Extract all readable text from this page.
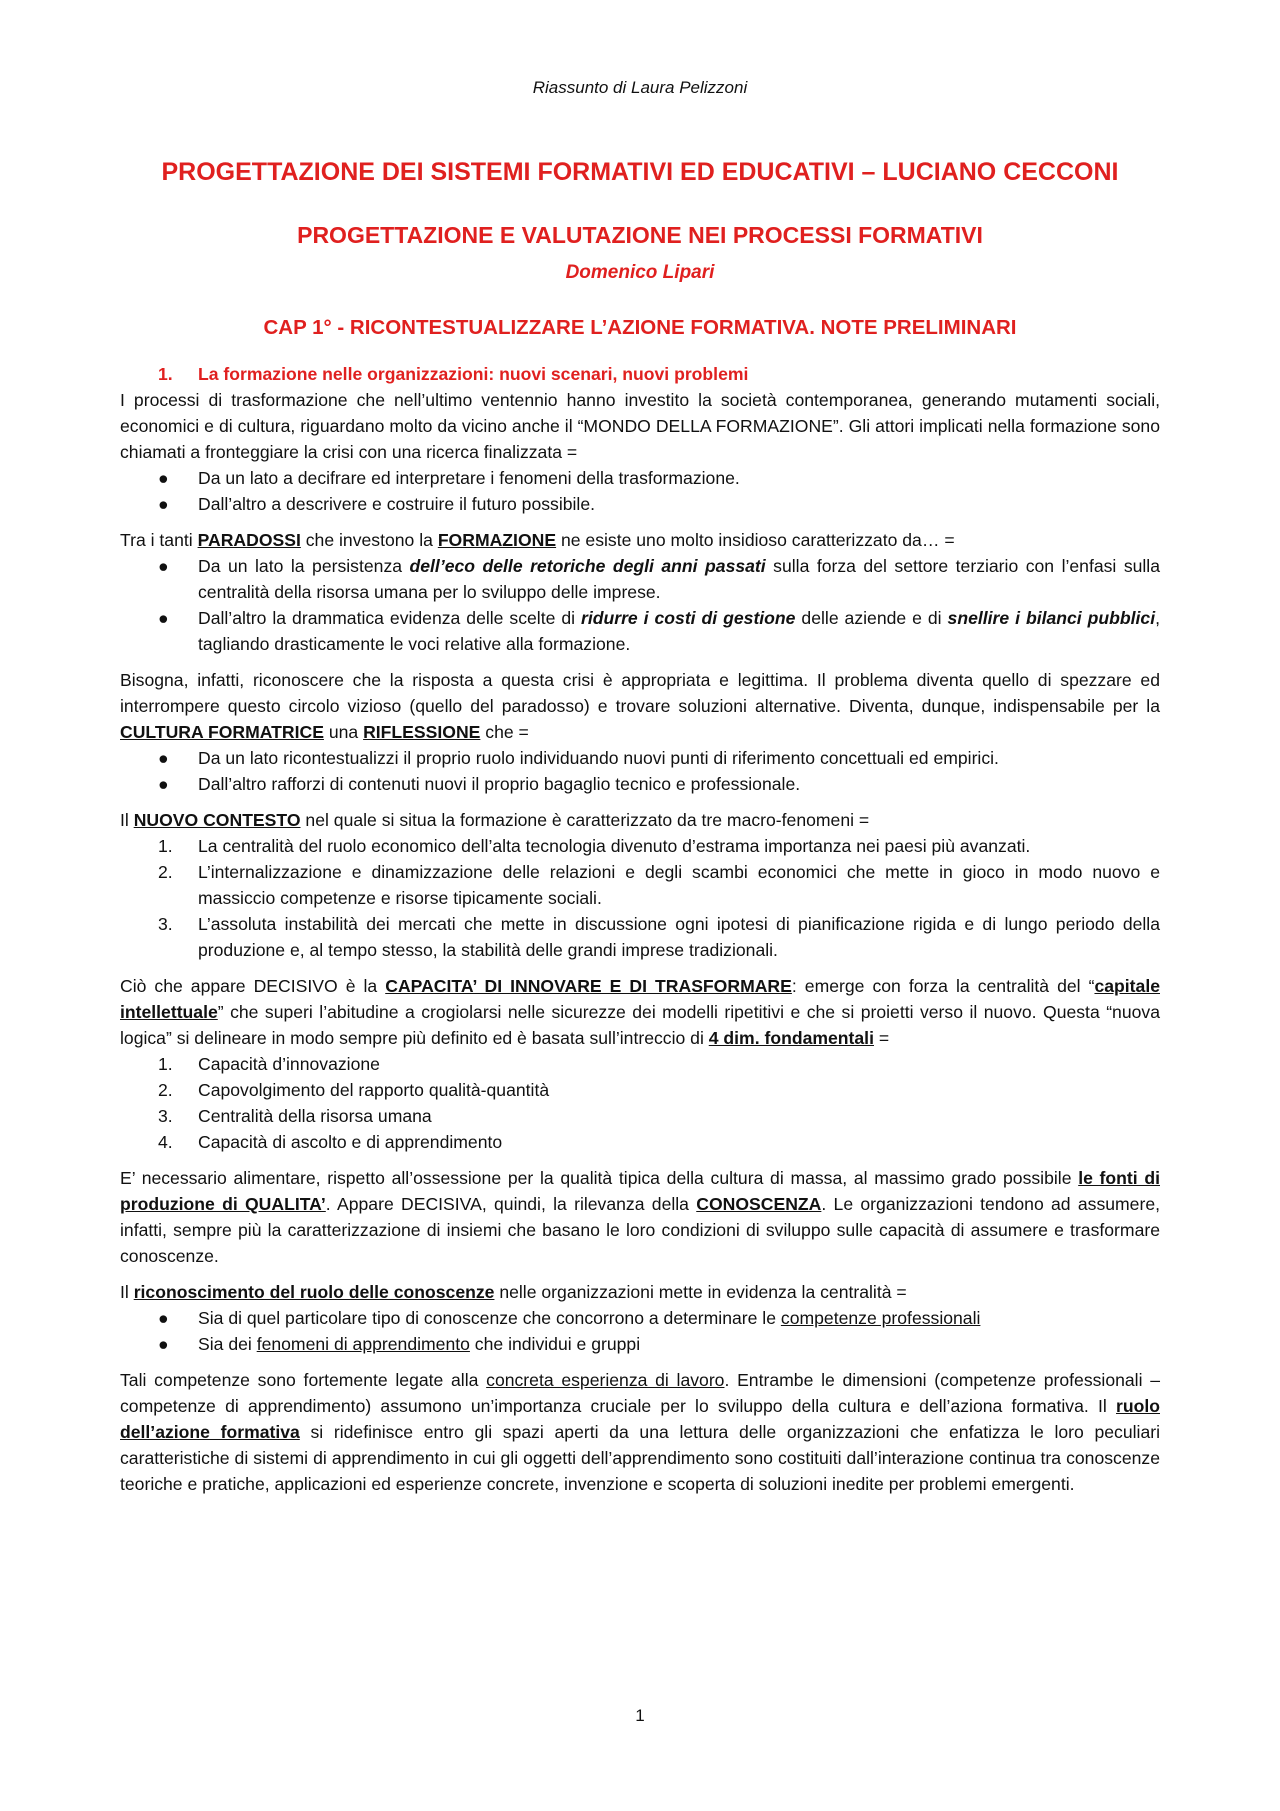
Riassunto di Laura Pelizzoni
PROGETTAZIONE DEI SISTEMI FORMATIVI ED EDUCATIVI – LUCIANO CECCONI
PROGETTAZIONE E VALUTAZIONE NEI PROCESSI FORMATIVI
Domenico Lipari
CAP 1° - RICONTESTUALIZZARE L’AZIONE FORMATIVA. NOTE PRELIMINARI
1. La formazione nelle organizzazioni: nuovi scenari, nuovi problemi

I processi di trasformazione che nell’ultimo ventennio hanno investito la società contemporanea, generando mutamenti sociali, economici e di cultura, riguardano molto da vicino anche il “MONDO DELLA FORMAZIONE”. Gli attori implicati nella formazione sono chiamati a fronteggiare la crisi con una ricerca finalizzata =

●	Da un lato a decifrare ed interpretare i fenomeni della trasformazione.
●	Dall’altro a descrivere e costruire il futuro possibile.

Tra i tanti PARADOSSI che investono la FORMAZIONE ne esiste uno molto insidioso caratterizzato da… =

●	Da un lato la persistenza dell’eco delle retoriche degli anni passati sulla forza del settore terziario con l’enfasi sulla centralità della risorsa umana per lo sviluppo delle imprese.
●	Dall’altro la drammatica evidenza delle scelte di ridurre i costi di gestione delle aziende e di snellire i bilanci pubblici, tagliando drasticamente le voci relative alla formazione.

Bisogna, infatti, riconoscere che la risposta a questa crisi è appropriata e legittima. Il problema diventa quello di spezzare ed interrompere questo circolo vizioso (quello del paradosso) e trovare soluzioni alternative. Diventa, dunque, indispensabile per la CULTURA FORMATRICE una RIFLESSIONE che =

●	Da un lato ricontestualizzi il proprio ruolo individuando nuovi punti di riferimento concettuali ed empirici.
●	Dall’altro rafforzi di contenuti nuovi il proprio bagaglio tecnico e professionale.

Il NUOVO CONTESTO nel quale si situa la formazione è caratterizzato da tre macro-fenomeni =

1.	La centralità del ruolo economico dell’alta tecnologia divenuto d’estrama importanza nei paesi più avanzati.
2.	L’internalizzazione e dinamizzazione delle relazioni e degli scambi economici che mette in gioco in modo nuovo e massiccio competenze e risorse tipicamente sociali.
3.	L’assoluta instabilità dei mercati che mette in discussione ogni ipotesi di pianificazione rigida e di lungo periodo della produzione e, al tempo stesso, la stabilità delle grandi imprese tradizionali.

Ciò che appare DECISIVO è la CAPACITA’ DI INNOVARE E DI TRASFORMARE: emerge con forza la centralità del “capitale intellettuale” che superi l’abitudine a crogiolarsi nelle sicurezze dei modelli ripetitivi e che si proietti verso il nuovo. Questa “nuova logica” si delineare in modo sempre più definito ed è basata sull’intreccio di 4 dim. fondamentali =

1.	Capacità d’innovazione
2.	Capovolgimento del rapporto qualità-quantità
3.	Centralità della risorsa umana
4.	Capacità di ascolto e di apprendimento

E’ necessario alimentare, rispetto all’ossessione per la qualità tipica della cultura di massa, al massimo grado possibile le fonti di produzione di QUALITA’. Appare DECISIVA, quindi, la rilevanza della CONOSCENZA. Le organizzazioni tendono ad assumere, infatti, sempre più la caratterizzazione di insiemi che basano le loro condizioni di sviluppo sulle capacità di assumere e trasformare conoscenze.

Il riconoscimento del ruolo delle conoscenze nelle organizzazioni mette in evidenza la centralità =

●	Sia di quel particolare tipo di conoscenze che concorrono a determinare le competenze professionali
●	Sia dei fenomeni di apprendimento che individui e gruppi

Tali competenze sono fortemente legate alla concreta esperienza di lavoro. Entrambe le dimensioni (competenze professionali – competenze di apprendimento) assumono un’importanza cruciale per lo sviluppo della cultura e dell’aziona formativa. Il ruolo dell’azione formativa si ridefinisce entro gli spazi aperti da una lettura delle organizzazioni che enfatizza le loro peculiari caratteristiche di sistemi di apprendimento in cui gli oggetti dell’apprendimento sono costituiti dall’interazione continua tra conoscenze teoriche e pratiche, applicazioni ed esperienze concrete, invenzione e scoperta di soluzioni inedite per problemi emergenti.

1
